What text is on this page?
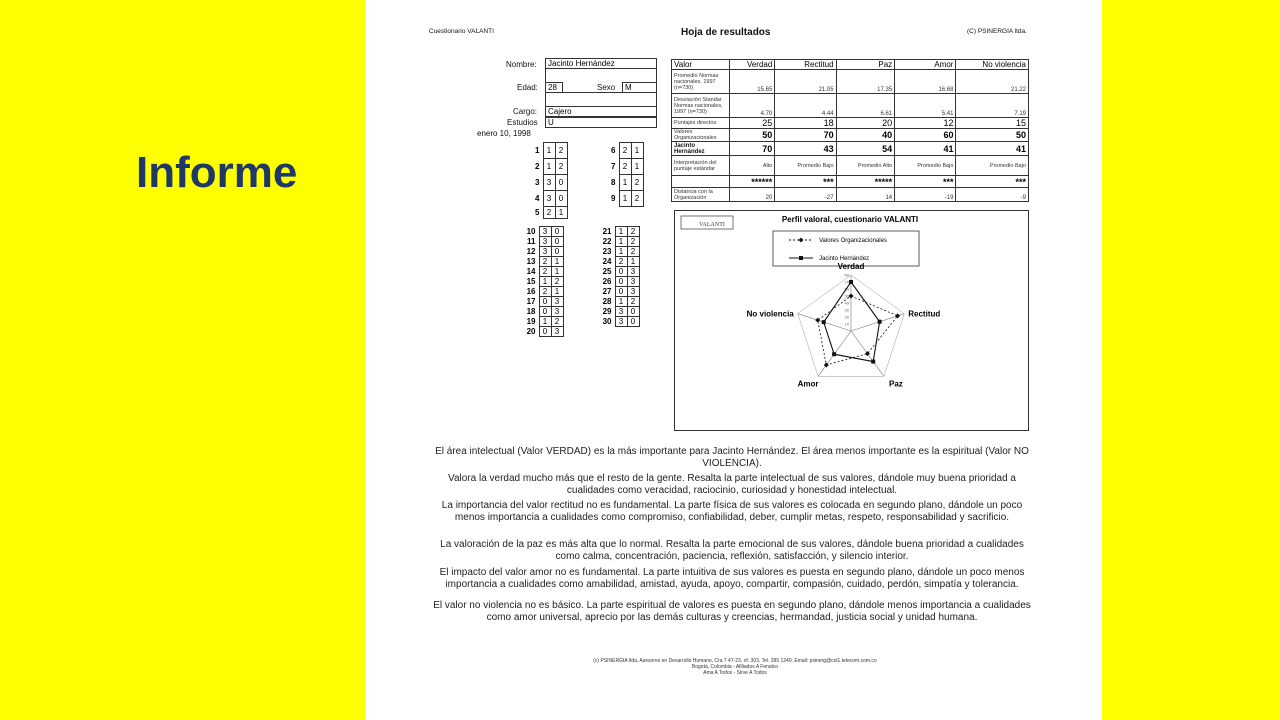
Informe
Cuestionario VALANTI	Hoja de resultados	(C) PSINERGIA ltda.
Nombre:	Jacinto Hernández
Edad:	28	Sexo	M
Cargo:	Cajero
Estudios	U
enero 10, 1998
1	1	2
2	1	2
3	3	0
4	3	0
5	2	1
6	2	1
7	2	1
8	1	2
9	1	2
10	3	0
11	3	0
12	3	0
13	2	1
14	2	1
15	1	2
16	2	1
17	0	3
18	0	3
19	1	2
20	0	3
21	1	2
22	1	2
23	1	2
24	2	1
25	0	3
26	0	3
27	0	3
28	1	2
29	3	0
30	3	0
Valor	Verdad	Rectitud	Paz	Amor	No violencia
Promedio Normas nacionales, 1997 (n=730)	15.65	21.05	17.35	16.68	21.22
Desviación Standar Normas nacionales, 1997 (n=730)	4.70	4.44	6.61	5.41	7.19
Puntajes directos	25	18	20	12	15
Valores Organizacionales	50	70	40	60	50
Jacinto Hernández	70	43	54	41	41
Interpretación del puntaje estándar	Alto	Promedio Bajo	Promedio Alto	Promedio Bajo	Promedio Bajo
	******	***	*****	***	***
Distancia con la Organización	20	-27	14	-19	-9
VALANTI
Perfil valoral, cuestionario VALANTI
Valores Organizacionales
Jacinto Hernández
10
20
30
40
50
60
70
80
Verdad
Rectitud
Paz
Amor
No violencia
El área intelectual (Valor VERDAD) es la más importante para Jacinto Hernández. El área menos importante es la espiritual (Valor NO VIOLENCIA).
Valora la verdad mucho más que el resto de la gente. Resalta la parte intelectual de sus valores, dándole muy buena prioridad a cualidades como veracidad, raciocinio, curiosidad y honestidad intelectual.
La importancia del valor rectitud no es fundamental. La parte física de sus valores es colocada en segundo plano, dándole un poco menos importancia a cualidades como compromiso, confiabilidad, deber, cumplir metas, respeto, responsabilidad y sacrificio.
La valoración de la paz es más alta que lo normal. Resalta la parte emocional de sus valores, dándole buena prioridad a cualidades como calma, concentración, paciencia, reflexión, satisfacción, y silencio interior.
El impacto del valor amor no es fundamental. La parte intuitiva de sus valores es puesta en segundo plano, dándole un poco menos importancia a cualidades como amabilidad, amistad, ayuda, apoyo, compartir, compasión, cuidado, perdón, simpatía y tolerancia.
El valor no violencia no es básico. La parte espiritual de valores es puesta en segundo plano, dándole menos importancia a cualidades como amor universal, aprecio por las demás culturas y creencias, hermandad, justicia social y unidad humana.
(c) PSINERGIA ltda, Asesores en Desarrollo Humano, Cra 7 47-23, of. 303, Tel. 285 1240. Email: psinerg@col1.telecom.com.co
Bogotá, Colombia - Afiliados A Fenalco
Ama A Todos - Sirve A Todos
